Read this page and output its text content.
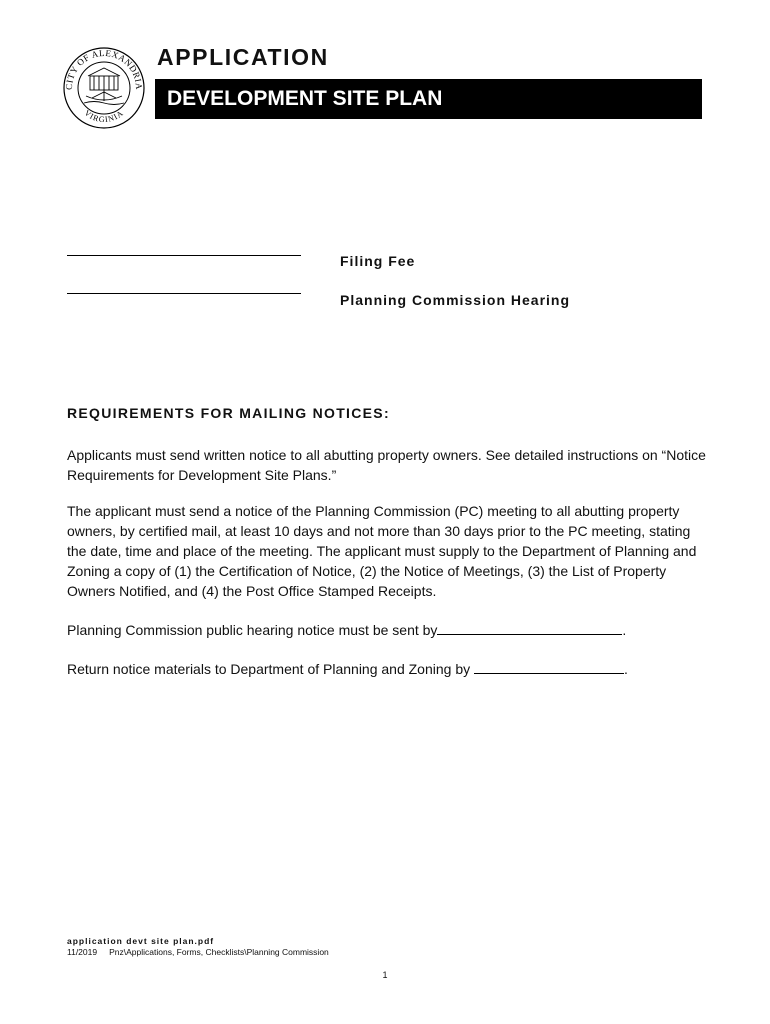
CITY OF ALEXANDRIA
VIRGINIA
APPLICATION
DEVELOPMENT SITE PLAN
Filing Fee
Planning Commission Hearing
REQUIREMENTS FOR MAILING NOTICES:

Applicants must send written notice to all abutting property owners. See detailed instructions on “Notice

Requirements for Development Site Plans.”

The applicant must send a notice of the Planning Commission (PC) meeting to all abutting property

owners, by certified mail, at least 10 days and not more than 30 days prior to the PC meeting, stating

the date, time and place of the meeting. The applicant must supply to the Department of Planning and

Zoning a copy of (1) the Certification of Notice, (2) the Notice of Meetings, (3) the List of Property

Owners Notified, and (4) the Post Office Stamped Receipts.

Planning Commission public hearing notice must be sent by	.
Return notice materials to Department of Planning and Zoning by	.
application devt site plan.pdf
11/2019 Pnz\Applications, Forms, Checklists\Planning Commission
1
